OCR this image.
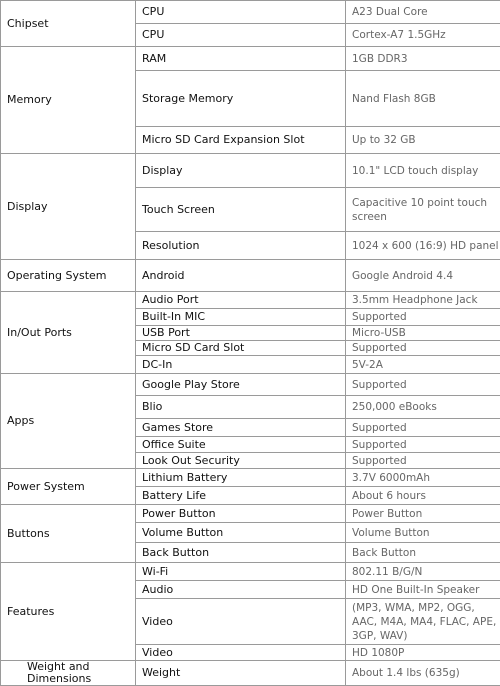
Chipset	CPU	A23 Dual Core
	CPU	Cortex-A7 1.5GHz
Memory	RAM	1GB DDR3
	Storage Memory	Nand Flash 8GB
	Micro SD Card Expansion Slot	Up to 32 GB
Display	Display	10.1" LCD touch display
	Touch Screen	Capacitive 10 point touch screen
	Resolution	1024 x 600 (16:9) HD panel
Operating System	Android	Google Android 4.4
In/Out Ports	Audio Port	3.5mm Headphone Jack
	Built-In MIC	Supported
	USB Port	Micro-USB
	Micro SD Card Slot	Supported
	DC-In	5V-2A
Apps	Google Play Store	Supported
	Blio	250,000 eBooks
	Games Store	Supported
	Office Suite	Supported
	Look Out Security	Supported
Power System	Lithium Battery	3.7V 6000mAh
	Battery Life	About 6 hours
Buttons	Power Button	Power Button
	Volume Button	Volume Button
	Back Button	Back Button
Features	Wi-Fi	802.11 B/G/N
	Audio	HD One Built-In Speaker
	Video	(MP3, WMA, MP2, OGG, AAC, M4A, MA4, FLAC, APE, 3GP, WAV)
	Video	HD 1080P
Weight and Dimensions	Weight	About 1.4 lbs (635g)
